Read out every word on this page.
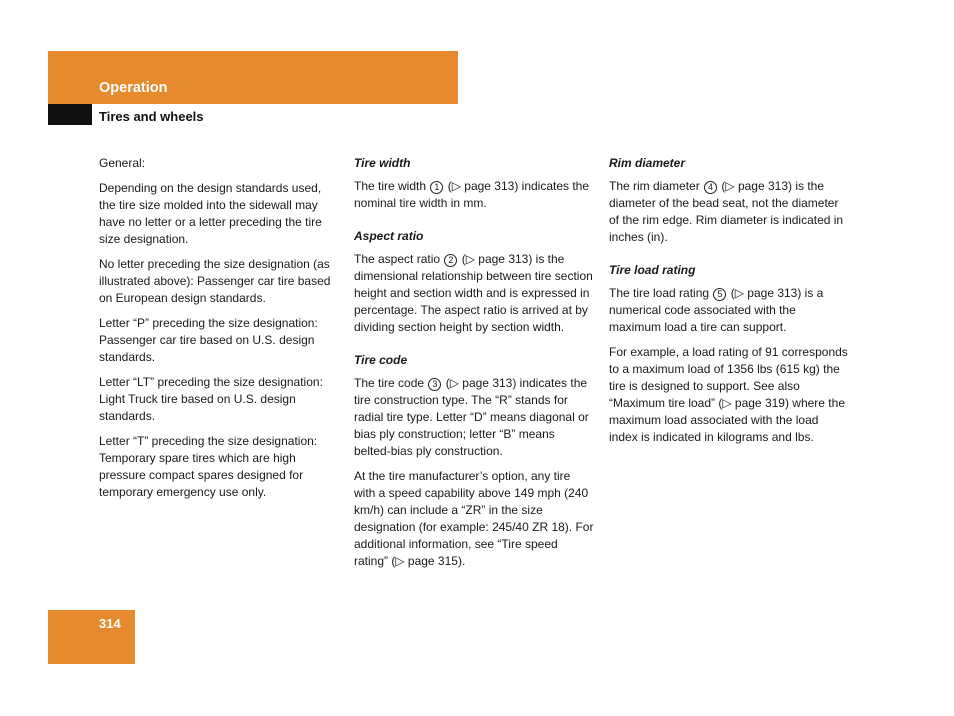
Operation
Tires and wheels

General:

Depending on the design standards used, the tire size molded into the sidewall may have no letter or a letter preceding the tire size designation.

No letter preceding the size designation (as illustrated above): Passenger car tire based on European design standards.

Letter “P” preceding the size designation: Passenger car tire based on U.S. design standards.

Letter “LT” preceding the size designation: Light Truck tire based on U.S. design standards.

Letter “T” preceding the size designation: Temporary spare tires which are high pressure compact spares designed for temporary emergency use only.

Tire width

The tire width 1 (▷ page 313) indicates the nominal tire width in mm.

Aspect ratio

The aspect ratio 2 (▷ page 313) is the dimensional relationship between tire section height and section width and is expressed in percentage. The aspect ratio is arrived at by dividing section height by section width.

Tire code

The tire code 3 (▷ page 313) indicates the tire construction type. The “R” stands for radial tire type. Letter “D” means diagonal or bias ply construction; letter “B” means belted-bias ply construction.

At the tire manufacturer’s option, any tire with a speed capability above 149 mph (240 km/h) can include a “ZR” in the size designation (for example: 245/40 ZR 18). For additional information, see “Tire speed rating” (▷ page 315).

Rim diameter

The rim diameter 4 (▷ page 313) is the diameter of the bead seat, not the diameter of the rim edge. Rim diameter is indicated in inches (in).

Tire load rating

The tire load rating 5 (▷ page 313) is a numerical code associated with the maximum load a tire can support.

For example, a load rating of 91 corresponds to a maximum load of 1356 lbs (615 kg) the tire is designed to support. See also “Maximum tire load” (▷ page 319) where the maximum load associated with the load index is indicated in kilograms and lbs.

314
